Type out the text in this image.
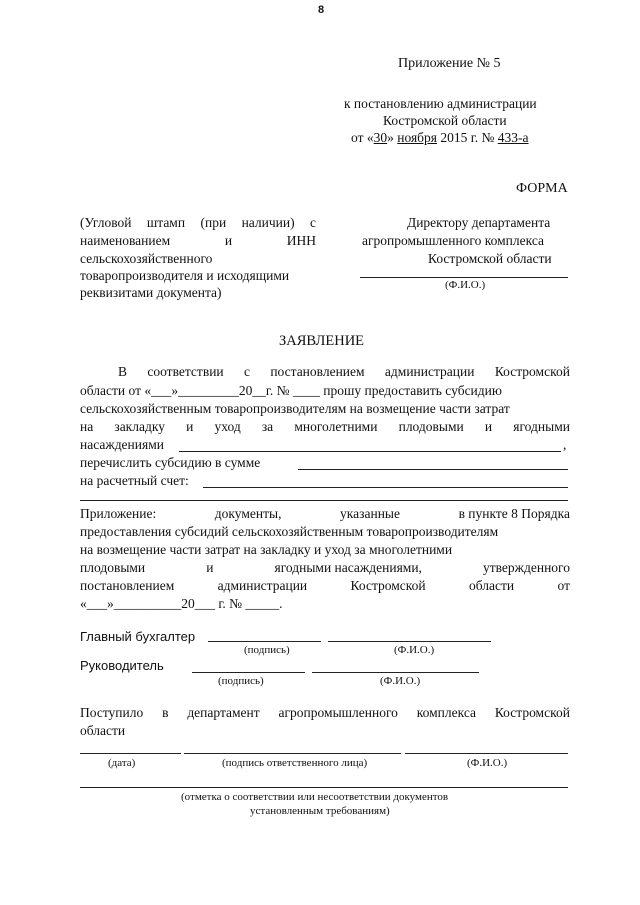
8
Приложение № 5
к постановлению администрации
Костромской области
от «30» ноября 2015 г. № 433-а
ФОРМА
(Угловой штамп (при наличии) с
наименованием	и	ИНН
сельскохозяйственного
товаропроизводителя и исходящими
реквизитами документа)
Директору департамента
агропромышленного комплекса
Костромской области
(Ф.И.О.)
ЗАЯВЛЕНИЕ
В соответствии с постановлением администрации Костромской
области от «___»_________20__г. № ____ прошу предоставить субсидию
сельскохозяйственным товаропроизводителям на возмещение части затрат
на закладку и уход за многолетними плодовыми и ягодными
насаждениями	,
перечислить субсидию в сумме
на расчетный счет:
Приложение:	документы,	указанные	в пункте 8 Порядка
предоставления субсидий сельскохозяйственным товаропроизводителям
на возмещение части затрат на закладку и уход за многолетними
плодовыми	и	ягодными насаждениями,	утвержденного
постановлением	администрации	Костромской	области	от
«___»__________20___ г. № _____.
Главный бухгалтер
(подпись)	(Ф.И.О.)
Руководитель
(подпись)	(Ф.И.О.)
Поступило в департамент агропромышленного комплекса Костромской
области
(дата)	(подпись ответственного лица)	(Ф.И.О.)
(отметка о соответствии или несоответствии документов
установленным требованиям)
